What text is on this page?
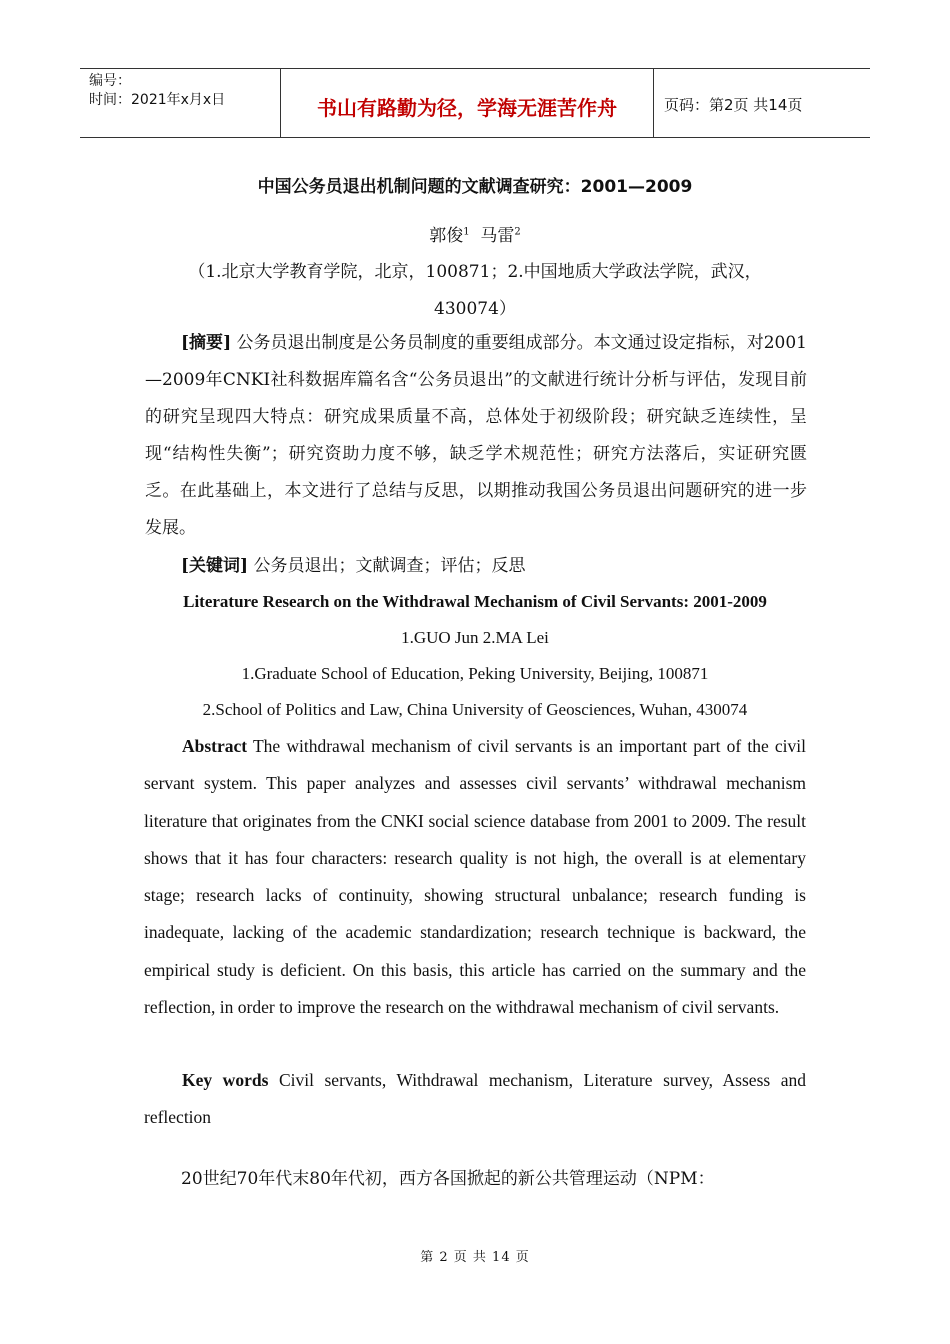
编号：
时间：2021年x月x日	书山有路勤为径，学海无涯苦作舟	页码：第2页 共14页
中国公务员退出机制问题的文献调查研究：2001—2009
郭俊$^1$ 马雷$^2$
（1.北京大学教育学院，北京，100871；2.中国地质大学政法学院，武汉，
430074）

[摘要] 公务员退出制度是公务员制度的重要组成部分。本文通过设定指标，对2001—2009年CNKI社科数据库篇名含“公务员退出”的文献进行统计分析与评估，发现目前的研究呈现四大特点：研究成果质量不高，总体处于初级阶段；研究缺乏连续性，呈现“结构性失衡”；研究资助力度不够，缺乏学术规范性；研究方法落后，实证研究匮乏。在此基础上，本文进行了总结与反思，以期推动我国公务员退出问题研究的进一步发展。

[关键词] 公务员退出；文献调查；评估；反思

Literature Research on the Withdrawal Mechanism of Civil Servants: 2001-2009
1.GUO Jun 2.MA Lei
1.Graduate School of Education, Peking University, Beijing, 100871
2.School of Politics and Law, China University of Geosciences, Wuhan, 430074

Abstract The withdrawal mechanism of civil servants is an important part of the civil servant system. This paper analyzes and assesses civil servants’ withdrawal mechanism literature that originates from the CNKI social science database from 2001 to 2009. The result shows that it has four characters: research quality is not high, the overall is at elementary stage; research lacks of continuity, showing structural unbalance; research funding is inadequate, lacking of the academic standardization; research technique is backward, the empirical study is deficient. On this basis, this article has carried on the summary and the reflection, in order to improve the research on the withdrawal mechanism of civil servants.

Key words Civil servants, Withdrawal mechanism, Literature survey, Assess and reflection

20世纪70年代末80年代初，西方各国掀起的新公共管理运动（NPM：

第 2 页 共 14 页
